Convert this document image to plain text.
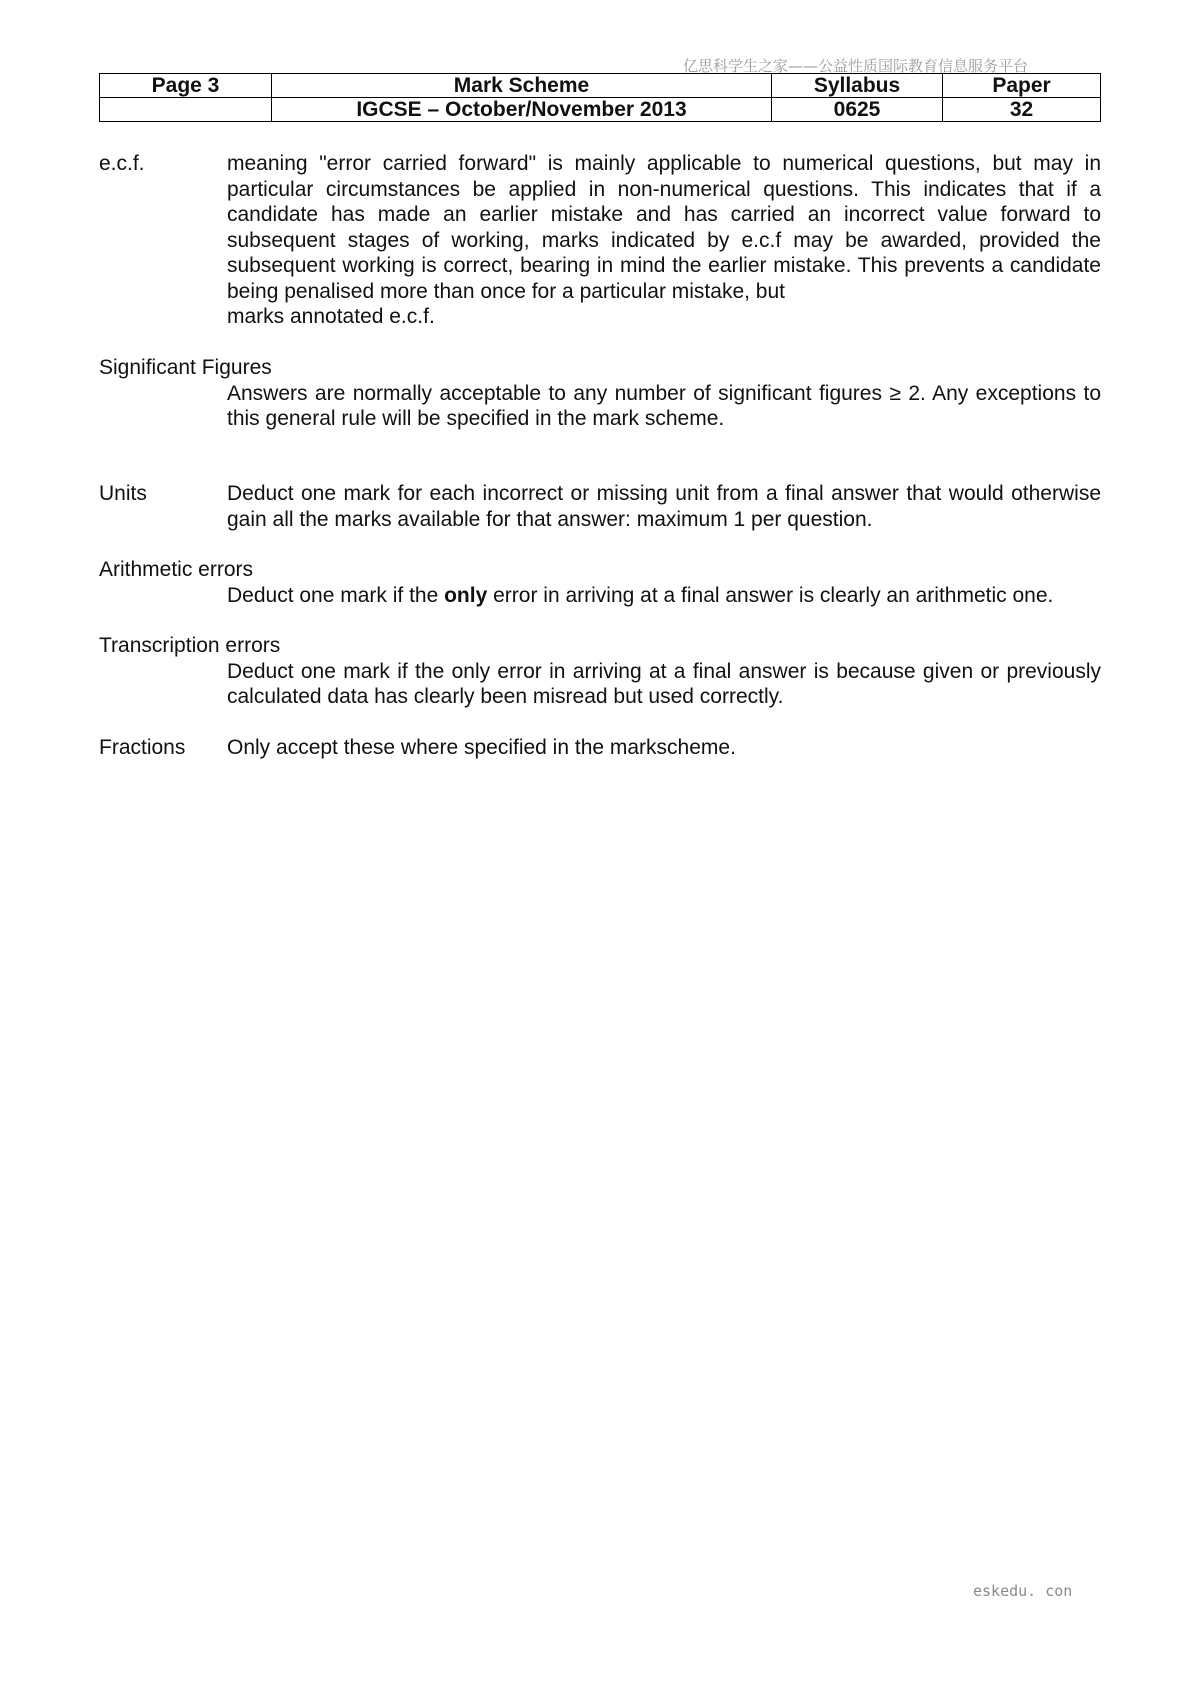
亿思科学生之家——公益性质国际教育信息服务平台
Page 3	Mark Scheme	Syllabus	Paper
	IGCSE – October/November 2013	0625	32
e.c.f.	meaning "error carried forward" is mainly applicable to numerical questions, but may in particular circumstances be applied in non-numerical questions. This indicates that if a candidate has made an earlier mistake and has carried an incorrect value forward to subsequent stages of working, marks indicated by e.c.f may be awarded, provided the subsequent working is correct, bearing in mind the earlier mistake. This prevents a candidate being penalised more than once for a particular mistake, but
marks annotated e.c.f.
Significant Figures
Answers are normally acceptable to any number of significant figures ≥ 2. Any exceptions to this general rule will be specified in the mark scheme.
Units	Deduct one mark for each incorrect or missing unit from a final answer that would otherwise gain all the marks available for that answer: maximum 1 per question.
Arithmetic errors
Deduct one mark if the only error in arriving at a final answer is clearly an arithmetic one.
Transcription errors
Deduct one mark if the only error in arriving at a final answer is because given or previously calculated data has clearly been misread but used correctly.
Fractions Only accept these where specified in the markscheme.
eskedu. con
